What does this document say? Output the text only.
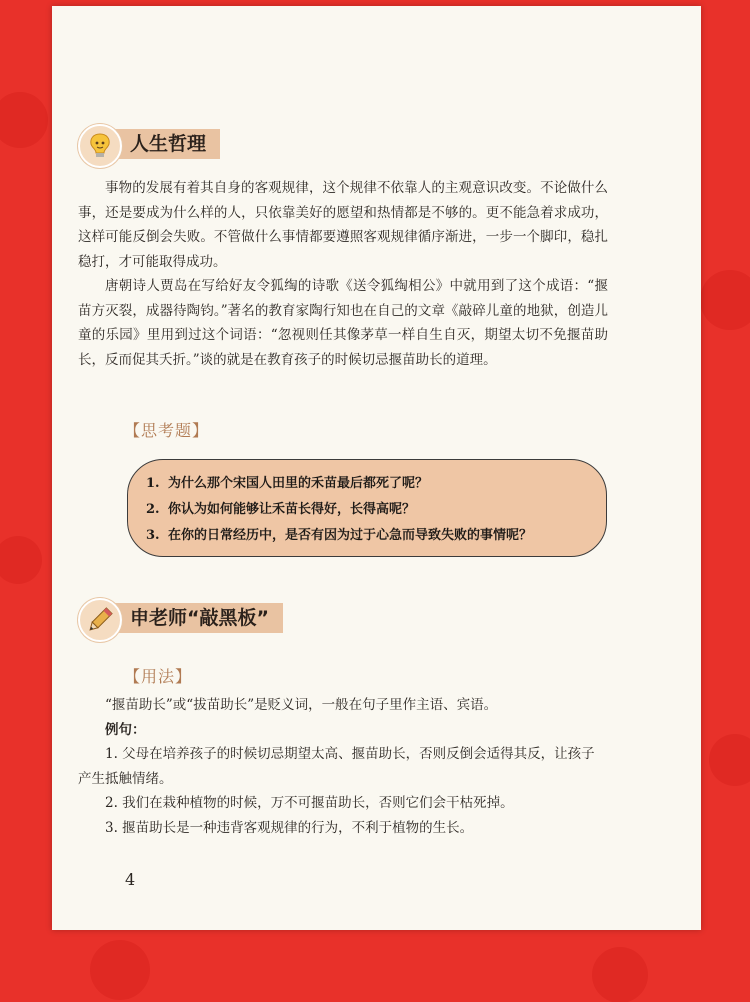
人生哲理

事物的发展有着其自身的客观规律，这个规律不依靠人的主观意识改变。不论做什么事，还是要成为什么样的人，只依靠美好的愿望和热情都是不够的。更不能急着求成功，这样可能反倒会失败。不管做什么事情都要遵照客观规律循序渐进，一步一个脚印，稳扎稳打，才可能取得成功。

唐朝诗人贾岛在写给好友令狐绹的诗歌《送令狐绹相公》中就用到了这个成语：“揠苗方灭裂，成器待陶钧。”著名的教育家陶行知也在自己的文章《敲碎儿童的地狱，创造儿童的乐园》里用到过这个词语：“忽视则任其像茅草一样自生自灭，期望太切不免揠苗助长，反而促其夭折。”谈的就是在教育孩子的时候切忌揠苗助长的道理。

【思考题】

1. 为什么那个宋国人田里的禾苗最后都死了呢？
2. 你认为如何能够让禾苗长得好，长得高呢？
3. 在你的日常经历中，是否有因为过于心急而导致失败的事情呢？
申老师“敲黑板”

【用法】

“揠苗助长”或“拔苗助长”是贬义词，一般在句子里作主语、宾语。

例句：

1. 父母在培养孩子的时候切忌期望太高、揠苗助长，否则反倒会适得其反，让孩子产生抵触情绪。

2. 我们在栽种植物的时候，万不可揠苗助长，否则它们会干枯死掉。

3. 揠苗助长是一种违背客观规律的行为，不利于植物的生长。

4
